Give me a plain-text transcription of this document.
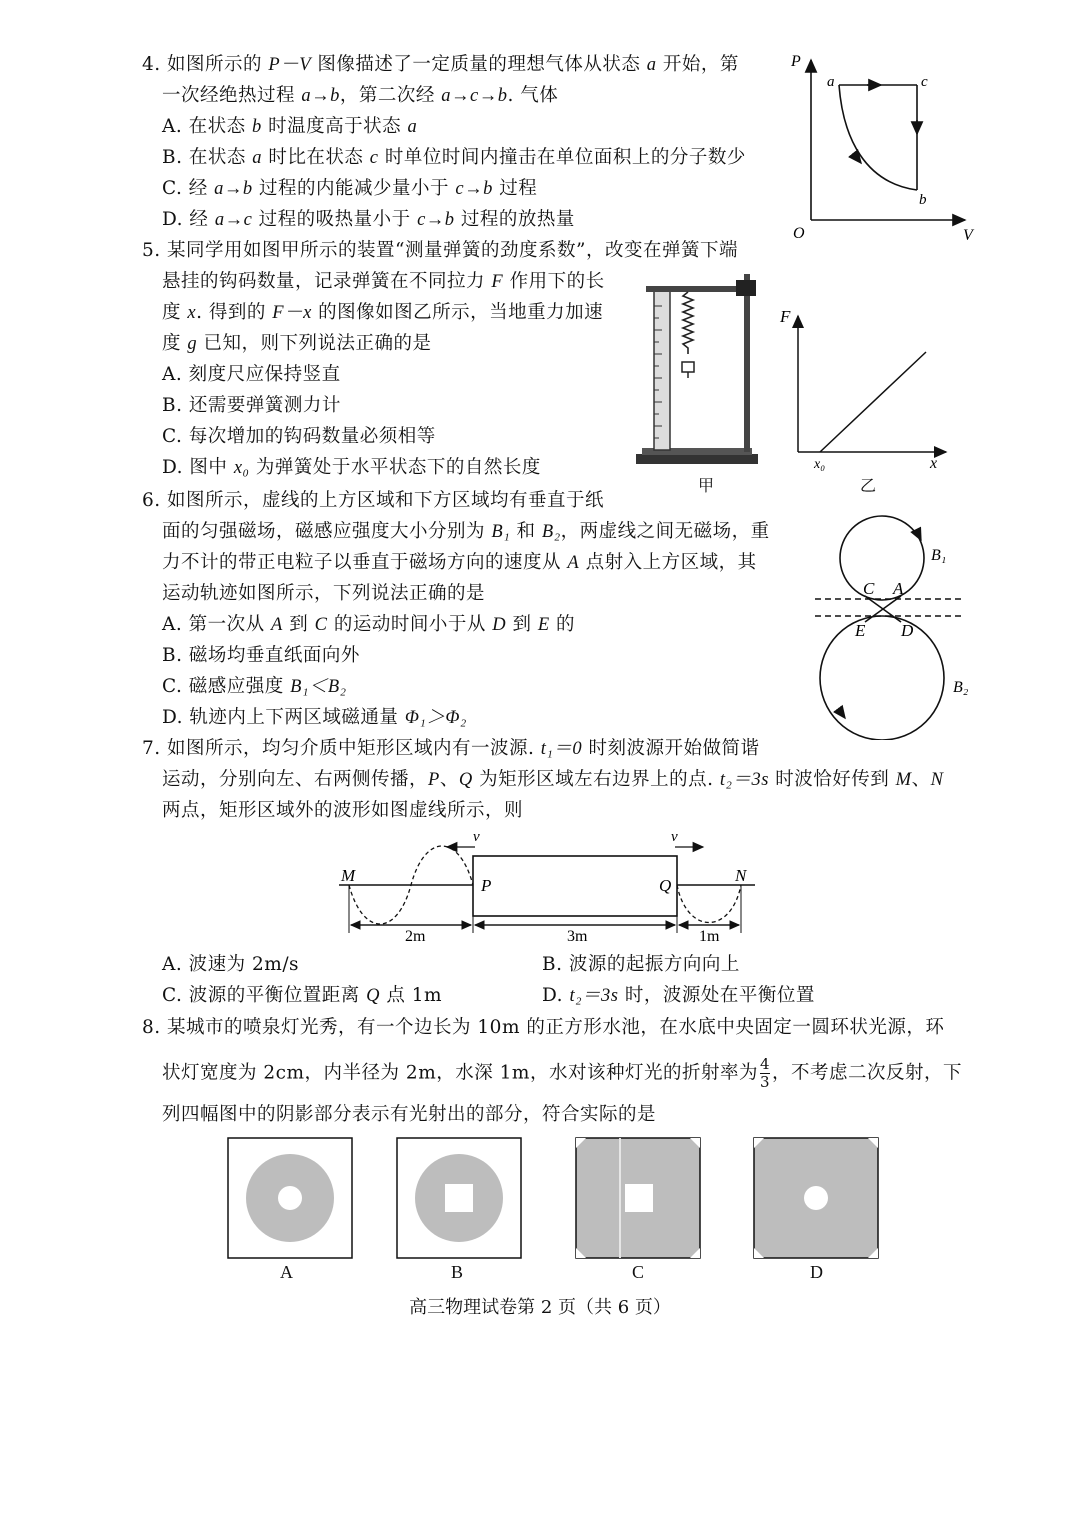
4. 如图所示的 P－V 图像描述了一定质量的理想气体从状态 a 开始，第
一次经绝热过程 a→b，第二次经 a→c→b. 气体
A. 在状态 b 时温度高于状态 a
B. 在状态 a 时比在状态 c 时单位时间内撞击在单位面积上的分子数少
C. 经 a→b 过程的内能减少量小于 c→b 过程
D. 经 a→c 过程的吸热量小于 c→b 过程的放热量
P
V
O
a	c
b
5. 某同学用如图甲所示的装置“测量弹簧的劲度系数”，改变在弹簧下端
悬挂的钩码数量，记录弹簧在不同拉力 F 作用下的长
度 x. 得到的 F－x 的图像如图乙所示，当地重力加速
度 g 已知，则下列说法正确的是
A. 刻度尺应保持竖直
B. 还需要弹簧测力计
C. 每次增加的钩码数量必须相等
D. 图中 x₀ 为弹簧处于水平状态下的自然长度
甲
F
x
x₀
乙
6. 如图所示，虚线的上方区域和下方区域均有垂直于纸
面的匀强磁场，磁感应强度大小分别为 B₁ 和 B₂，两虚线之间无磁场，重
力不计的带正电粒子以垂直于磁场方向的速度从 A 点射入上方区域，其
运动轨迹如图所示，下列说法正确的是
A. 第一次从 A 到 C 的运动时间小于从 D 到 E 的
B. 磁场均垂直纸面向外
C. 磁感应强度 B₁＜B₂
D. 轨迹内上下两区域磁通量 Φ₁＞Φ₂
B₁
B₂
C A
E D
7. 如图所示，均匀介质中矩形区域内有一波源. t₁＝0 时刻波源开始做简谐
运动，分别向左、右两侧传播，P、Q 为矩形区域左右边界上的点. t₂＝3s 时波恰好传到 M、N
两点，矩形区域外的波形如图虚线所示，则
v	v
M	N
P	Q
2m	3m	1m
A. 波速为 2m/s	B. 波源的起振方向向上
C. 波源的平衡位置距离 Q 点 1m	D. t₂＝3s 时，波源处在平衡位置
8. 某城市的喷泉灯光秀，有一个边长为 10m 的正方形水池，在水底中央固定一圆环状光源，环
状灯宽度为 2cm，内半径为 2m，水深 1m，水对该种灯光的折射率为 $\frac{4}{3}$ ，不考虑二次反射，下
列四幅图中的阴影部分表示有光射出的部分，符合实际的是
A	B	C	D
高三物理试卷第 2 页（共 6 页）
